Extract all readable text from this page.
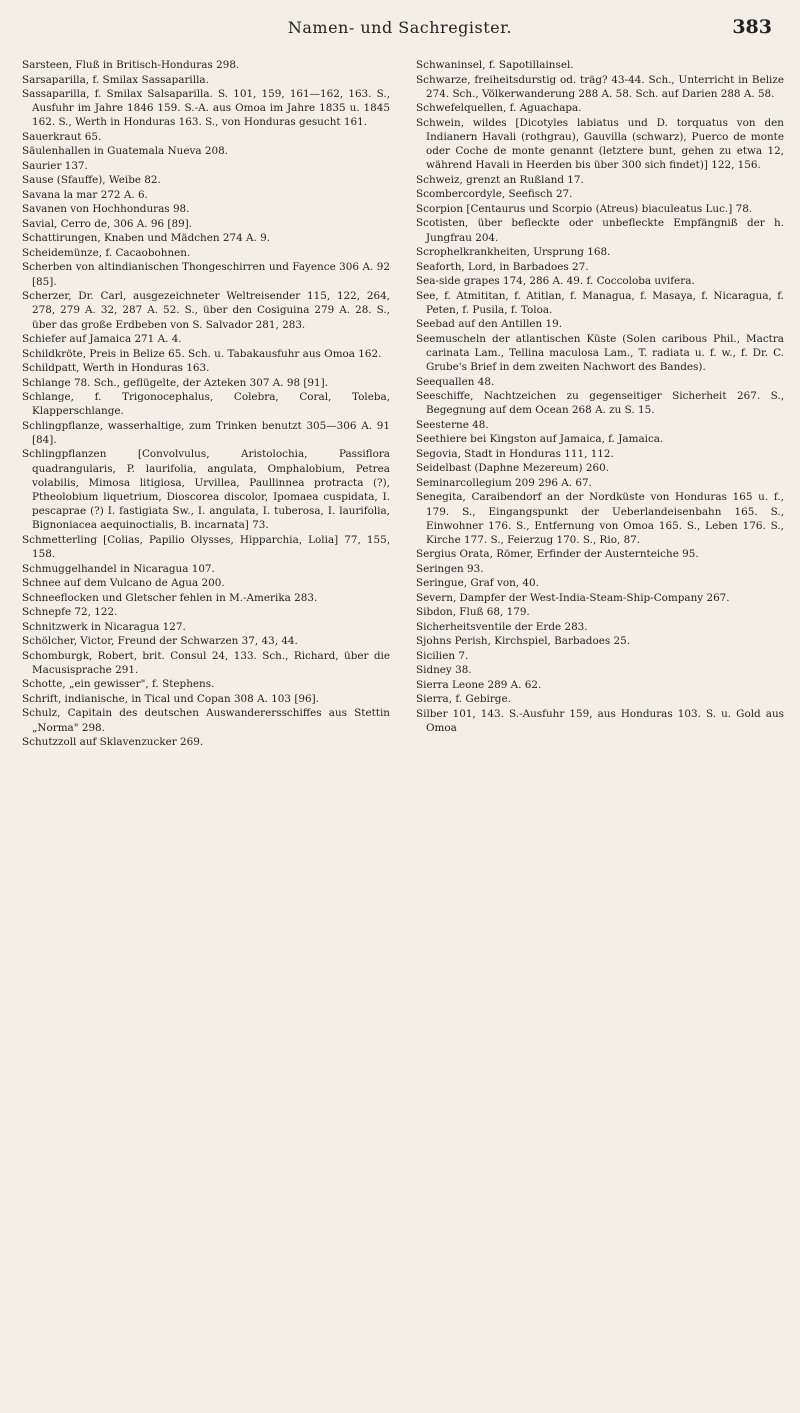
Namen- und Sachregister.	383

Sarsteen, Fluß in Britisch-Honduras 298.

Sarsaparilla, f. Smilax Sassaparilla.

Sassaparilla, f. Smilax Salsaparilla. S. 101, 159, 161—162, 163. S., Ausfuhr im Jahre 1846 159. S.-A. aus Omoa im Jahre 1835 u. 1845 162. S., Werth in Honduras 163. S., von Honduras gesucht 161.

Sauerkraut 65.

Säulenhallen in Guatemala Nueva 208.

Saurier 137.

Sause (Sfauffe), Weibe 82.

Savana la mar 272 A. 6.

Savanen von Hochhonduras 98.

Savial, Cerro de, 306 A. 96 [89].

Schattirungen, Knaben und Mädchen 274 A. 9.

Scheidemünze, f. Cacaobohnen.

Scherben von altindianischen Thongeschirren und Fayence 306 A. 92 [85].

Scherzer, Dr. Carl, ausgezeichneter Weltreisender 115, 122, 264, 278, 279 A. 32, 287 A. 52. S., über den Cosiguina 279 A. 28. S., über das große Erdbeben von S. Salvador 281, 283.

Schiefer auf Jamaica 271 A. 4.

Schildkröte, Preis in Belize 65. Sch. u. Tabakausfuhr aus Omoa 162.

Schildpatt, Werth in Honduras 163.

Schlange 78. Sch., geflügelte, der Azteken 307 A. 98 [91].

Schlange, f. Trigonocephalus, Colebra, Coral, Toleba, Klapperschlange.

Schlingpflanze, wasserhaltige, zum Trinken benutzt 305—306 A. 91 [84].

Schlingpflanzen [Convolvulus, Aristolochia, Passiflora quadrangularis, P. laurifolia, angulata, Omphalobium, Petrea volabilis, Mimosa litigiosa, Urvillea, Paullinnea protracta (?), Ptheolobium liquetrium, Dioscorea discolor, Ipomaea cuspidata, I. pescaprae (?) I. fastigiata Sw., I. angulata, I. tuberosa, I. laurifolia, Bignoniacea aequinoctialis, B. incarnata] 73.

Schmetterling [Colias, Papilio Olysses, Hipparchia, Lolia] 77, 155, 158.

Schmuggelhandel in Nicaragua 107.

Schnee auf dem Vulcano de Agua 200.

Schneeflocken und Gletscher fehlen in M.-Amerika 283.

Schnepfe 72, 122.

Schnitzwerk in Nicaragua 127.

Schölcher, Victor, Freund der Schwarzen 37, 43, 44.

Schomburgk, Robert, brit. Consul 24, 133. Sch., Richard, über die Macusisprache 291.

Schotte, „ein gewisser", f. Stephens.

Schrift, indianische, in Tical und Copan 308 A. 103 [96].

Schulz, Capitain des deutschen Auswanderersschiffes aus Stettin „Norma" 298.

Schutzzoll auf Sklavenzucker 269.

Schwaninsel, f. Sapotillainsel.

Schwarze, freiheitsdurstig od. träg? 43-44. Sch., Unterricht in Belize 274. Sch., Völkerwanderung 288 A. 58. Sch. auf Darien 288 A. 58.

Schwefelquellen, f. Aguachapa.

Schwein, wildes [Dicotyles labiatus und D. torquatus von den Indianern Havali (rothgrau), Gauvilla (schwarz), Puerco de monte oder Coche de monte genannt (letztere bunt, gehen zu etwa 12, während Havali in Heerden bis über 300 sich findet)] 122, 156.

Schweiz, grenzt an Rußland 17.

Scombercordyle, Seefisch 27.

Scorpion [Centaurus und Scorpio (Atreus) biaculeatus Luc.] 78.

Scotisten, über befleckte oder unbefleckte Empfängniß der h. Jungfrau 204.

Scrophelkrankheiten, Ursprung 168.

Seaforth, Lord, in Barbadoes 27.

Sea-side grapes 174, 286 A. 49. f. Coccoloba uvifera.

See, f. Atmititan, f. Atitlan, f. Managua, f. Masaya, f. Nicaragua, f. Peten, f. Pusila, f. Toloa.

Seebad auf den Antillen 19.

Seemuscheln der atlantischen Küste (Solen caribous Phil., Mactra carinata Lam., Tellina maculosa Lam., T. radiata u. f. w., f. Dr. C. Grube's Brief in dem zweiten Nachwort des Bandes).

Seequallen 48.

Seeschiffe, Nachtzeichen zu gegenseitiger Sicherheit 267. S., Begegnung auf dem Ocean 268 A. zu S. 15.

Seesterne 48.

Seethiere bei Kingston auf Jamaica, f. Jamaica.

Segovia, Stadt in Honduras 111, 112.

Seidelbast (Daphne Mezereum) 260.

Seminarcollegium 209 296 A. 67.

Senegita, Caraibendorf an der Nordküste von Honduras 165 u. f., 179. S., Eingangspunkt der Ueberlandeisenbahn 165. S., Einwohner 176. S., Entfernung von Omoa 165. S., Leben 176. S., Kirche 177. S., Feierzug 170. S., Rio, 87.

Sergius Orata, Römer, Erfinder der Austernteiche 95.

Seringen 93.

Seringue, Graf von, 40.

Severn, Dampfer der West-India-Steam-Ship-Company 267.

Sibdon, Fluß 68, 179.

Sicherheitsventile der Erde 283.

Sjohns Perish, Kirchspiel, Barbadoes 25.

Sicilien 7.

Sidney 38.

Sierra Leone 289 A. 62.

Sierra, f. Gebirge.

Silber 101, 143. S.-Ausfuhr 159, aus Honduras 103. S. u. Gold aus Omoa
